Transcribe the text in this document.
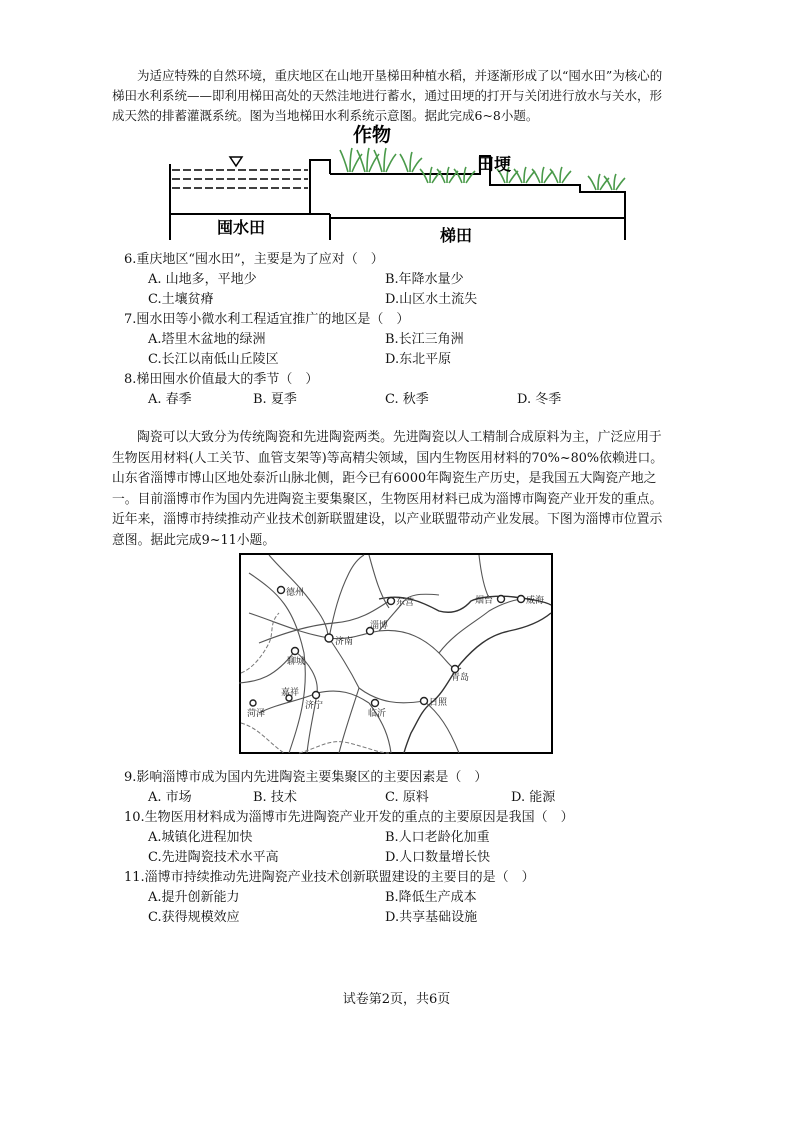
为适应特殊的自然环境，重庆地区在山地开垦梯田种植水稻，并逐渐形成了以“囤水田”为核心的梯田水利系统——即利用梯田高处的天然洼地进行蓄水，通过田埂的打开与关闭进行放水与关水，形成天然的排蓄灌溉系统。图为当地梯田水利系统示意图。据此完成6~8小题。
作物
田埂
囤水田	梯田
6.重庆地区“囤水田”，主要是为了应对（　）
A. 山地多，平地少	B.年降水量少
C.土壤贫瘠	D.山区水土流失
7.囤水田等小微水利工程适宜推广的地区是（　）
A.塔里木盆地的绿洲	B.长江三角洲
C.长江以南低山丘陵区	D.东北平原
8.梯田囤水价值最大的季节（　）
A. 春季	B. 夏季	C. 秋季	D. 冬季
陶瓷可以大致分为传统陶瓷和先进陶瓷两类。先进陶瓷以人工精制合成原料为主，广泛应用于生物医用材料(人工关节、血管支架等)等高精尖领域，国内生物医用材料的70%~80%依赖进口。山东省淄博市博山区地处泰沂山脉北侧，距今已有6000年陶瓷生产历史，是我国五大陶瓷产地之一。目前淄博市作为国内先进陶瓷主要集聚区，生物医用材料已成为淄博市陶瓷产业开发的重点。近年来，淄博市持续推动产业技术创新联盟建设，以产业联盟带动产业发展。下图为淄博市位置示意图。据此完成9~11小题。
德州
东营	烟台	威海
济南
淄博
聊城
青岛
嘉祥
济宁
菏泽	临沂
日照
9.影响淄博市成为国内先进陶瓷主要集聚区的主要因素是（　）
A. 市场	B. 技术	C. 原料	D. 能源
10.生物医用材料成为淄博市先进陶瓷产业开发的重点的主要原因是我国（　）
A.城镇化进程加快	B.人口老龄化加重
C.先进陶瓷技术水平高	D.人口数量增长快
11.淄博市持续推动先进陶瓷产业技术创新联盟建设的主要目的是（　）
A.提升创新能力	B.降低生产成本
C.获得规模效应	D.共享基础设施
试卷第2页，共6页
